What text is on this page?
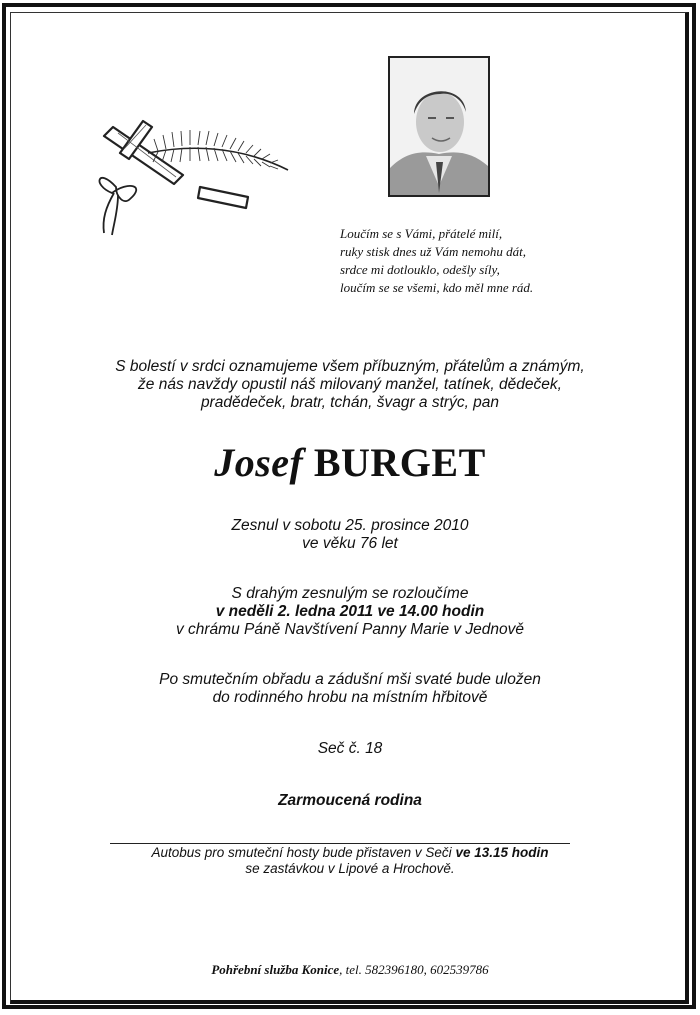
Loučím se s Vámi, přátelé milí,
ruky stisk dnes už Vám nemohu dát,
srdce mi dotlouklo, odešly síly,
loučím se se všemi, kdo měl mne rád.
S bolestí v srdci oznamujeme všem příbuzným, přátelům a známým,
že nás navždy opustil náš milovaný manžel, tatínek, dědeček,
pradědeček, bratr, tchán, švagr a strýc, pan
Josef BURGET
Zesnul v sobotu 25. prosince 2010
ve věku 76 let
S drahým zesnulým se rozloučíme
v neděli 2. ledna 2011 ve 14.00 hodin
v chrámu Páně Navštívení Panny Marie v Jednově
Po smutečním obřadu a zádušní mši svaté bude uložen
do rodinného hrobu na místním hřbitově
Seč č. 18
Zarmoucená rodina
Autobus pro smuteční hosty bude přistaven v Seči ve 13.15 hodin
se zastávkou v Lipové a Hrochově.
Pohřební služba Konice, tel. 582396180, 602539786
